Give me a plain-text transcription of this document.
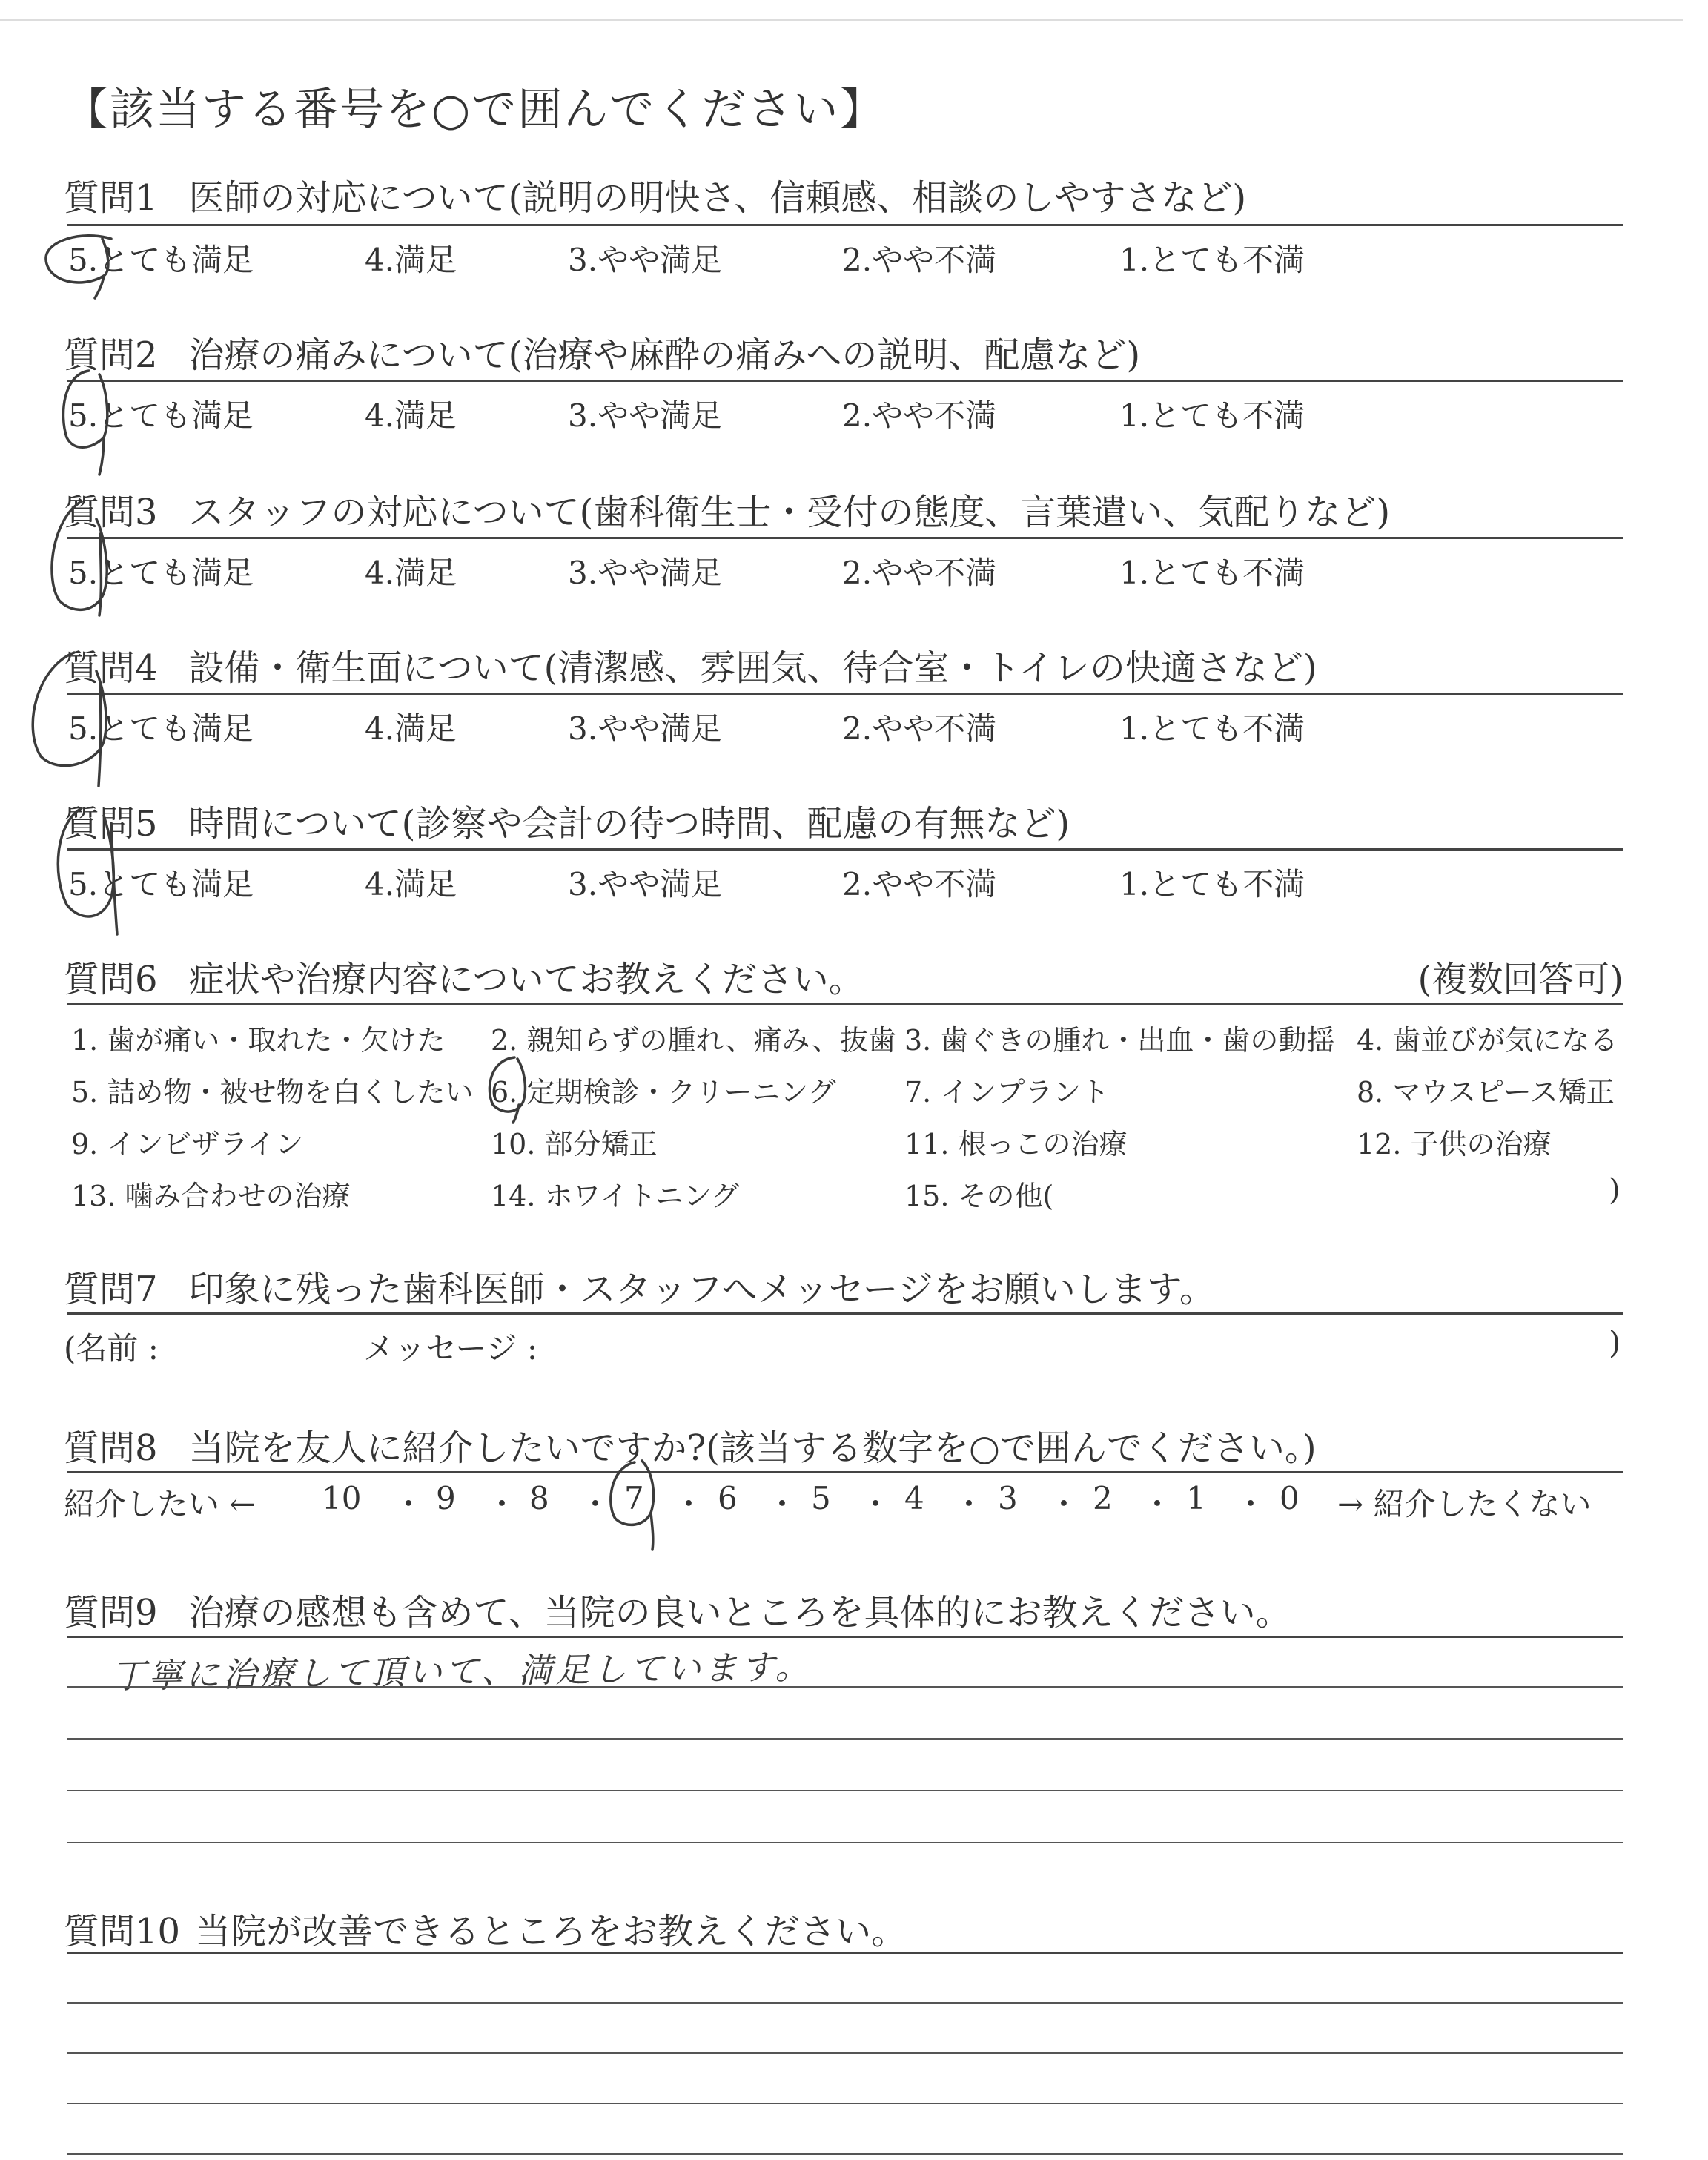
【該当する番号を○で囲んでください】
質問1 医師の対応について(説明の明快さ、信頼感、相談のしやすさなど)
5.とても満足	4.満足	3.やや満足	2.やや不満	1.とても不満
質問2 治療の痛みについて(治療や麻酔の痛みへの説明、配慮など)
5.とても満足	4.満足	3.やや満足	2.やや不満	1.とても不満
質問3 スタッフの対応について(歯科衛生士・受付の態度、言葉遣い、気配りなど)
5.とても満足	4.満足	3.やや満足	2.やや不満	1.とても不満
質問4 設備・衛生面について(清潔感、雰囲気、待合室・トイレの快適さなど)
5.とても満足	4.満足	3.やや満足	2.やや不満	1.とても不満
質問5 時間について(診察や会計の待つ時間、配慮の有無など)
5.とても満足	4.満足	3.やや満足	2.やや不満	1.とても不満
質問6 症状や治療内容についてお教えください。	(複数回答可)
1. 歯が痛い・取れた・欠けた 2. 親知らずの腫れ、痛み、抜歯 3. 歯ぐきの腫れ・出血・歯の動揺 4. 歯並びが気になる
5. 詰め物・被せ物を白くしたい 6. 定期検診・クリーニング 7. インプラント	8. マウスピース矯正
9. インビザライン	10. 部分矯正	11. 根っこの治療	12. 子供の治療
13. 噛み合わせの治療	14. ホワイトニング	15. その他(	)
質問7 印象に残った歯科医師・スタッフへメッセージをお願いします。
(名前 :	メッセージ :	)
質問8 当院を友人に紹介したいですか?(該当する数字を○で囲んでください。)
紹介したい ← 10 9 8 7 6 5 4 3 2 1 0 → 紹介したくない
・ ・ ・ ・ ・ ・ ・ ・ ・ ・
質問9 治療の感想も含めて、当院の良いところを具体的にお教えください。
丁寧に治療して頂いて、満足しています。
質問10 当院が改善できるところをお教えください。
